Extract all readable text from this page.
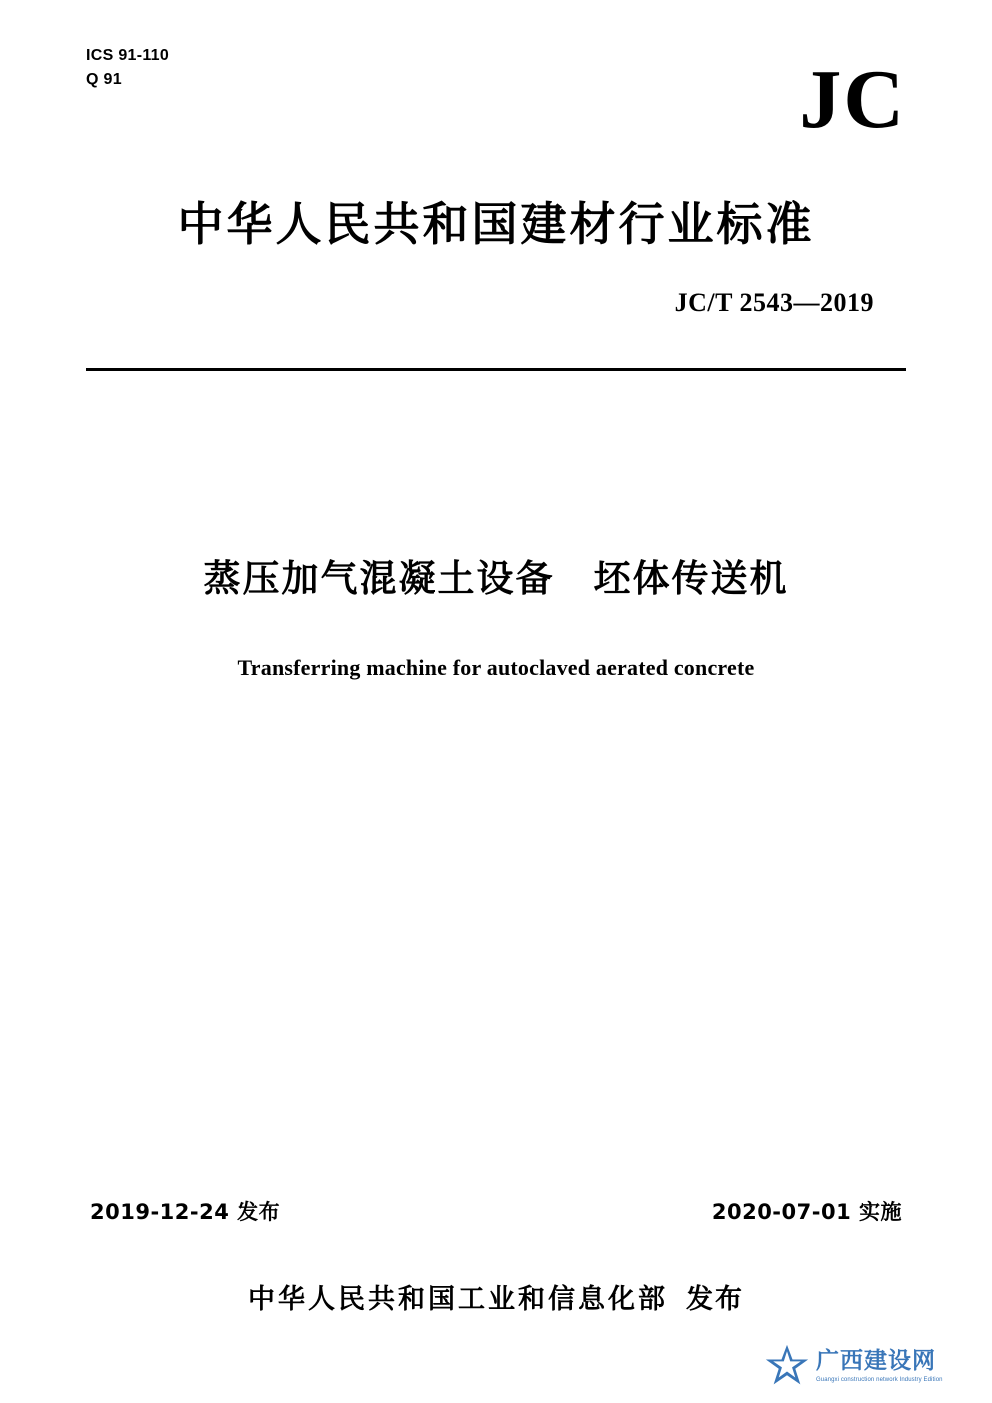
ICS 91-110
Q 91	JC
中华人民共和国建材行业标准
JC/T 2543—2019
蒸压加气混凝土设备　坯体传送机
Transferring machine for autoclaved aerated concrete
2019-12-24 发布	2020-07-01 实施
中华人民共和国工业和信息化部 发布
广西建设网
Guangxi construction network Industry Edition
